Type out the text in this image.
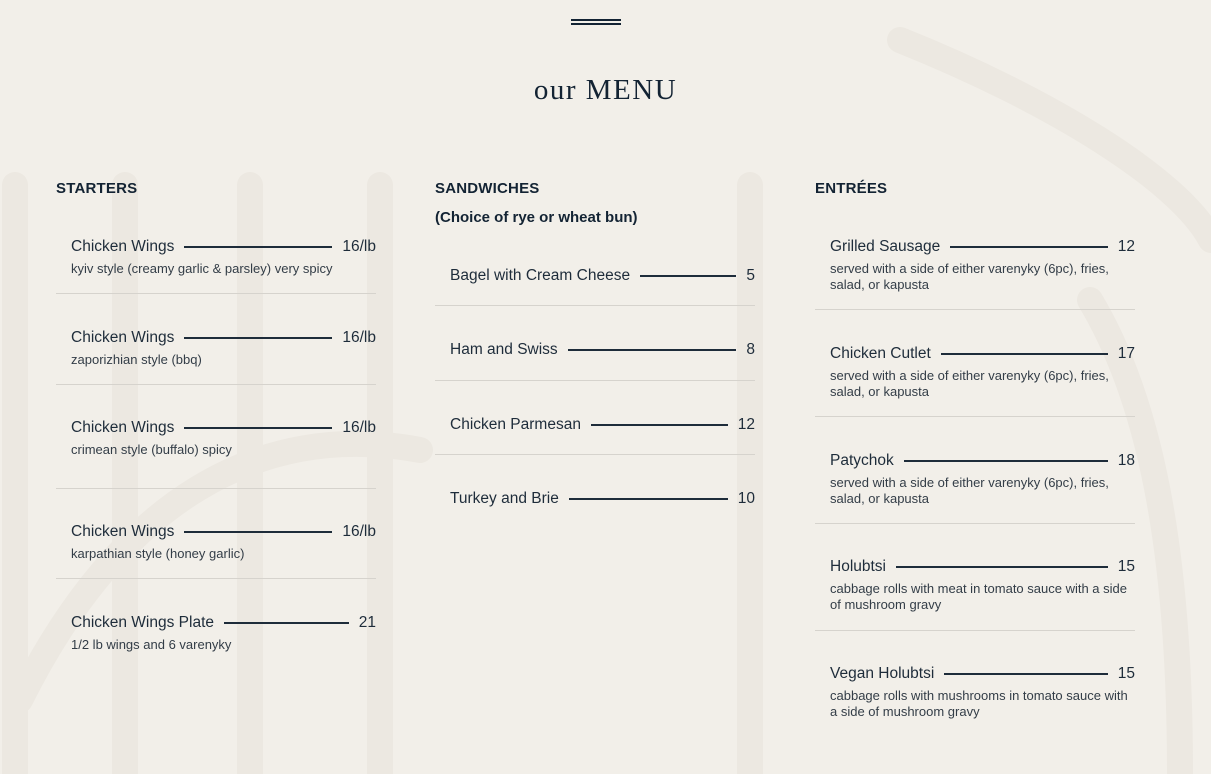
our MENU
STARTERS
Chicken Wings	16/lb
kyiv style (creamy garlic & parsley) very spicy
Chicken Wings	16/lb
zaporizhian style (bbq)
Chicken Wings	16/lb
crimean style (buffalo) spicy
Chicken Wings	16/lb
karpathian style (honey garlic)
Chicken Wings Plate	21
1/2 lb wings and 6 varenyky
SANDWICHES
(Choice of rye or wheat bun)
Bagel with Cream Cheese	5
Ham and Swiss	8
Chicken Parmesan	12
Turkey and Brie	10
ENTRÉES
Grilled Sausage	12
served with a side of either varenyky (6pc), fries, salad, or kapusta
Chicken Cutlet	17
served with a side of either varenyky (6pc), fries, salad, or kapusta
Patychok	18
served with a side of either varenyky (6pc), fries, salad, or kapusta
Holubtsi	15
cabbage rolls with meat in tomato sauce with a side of mushroom gravy
Vegan Holubtsi	15
cabbage rolls with mushrooms in tomato sauce with a side of mushroom gravy
